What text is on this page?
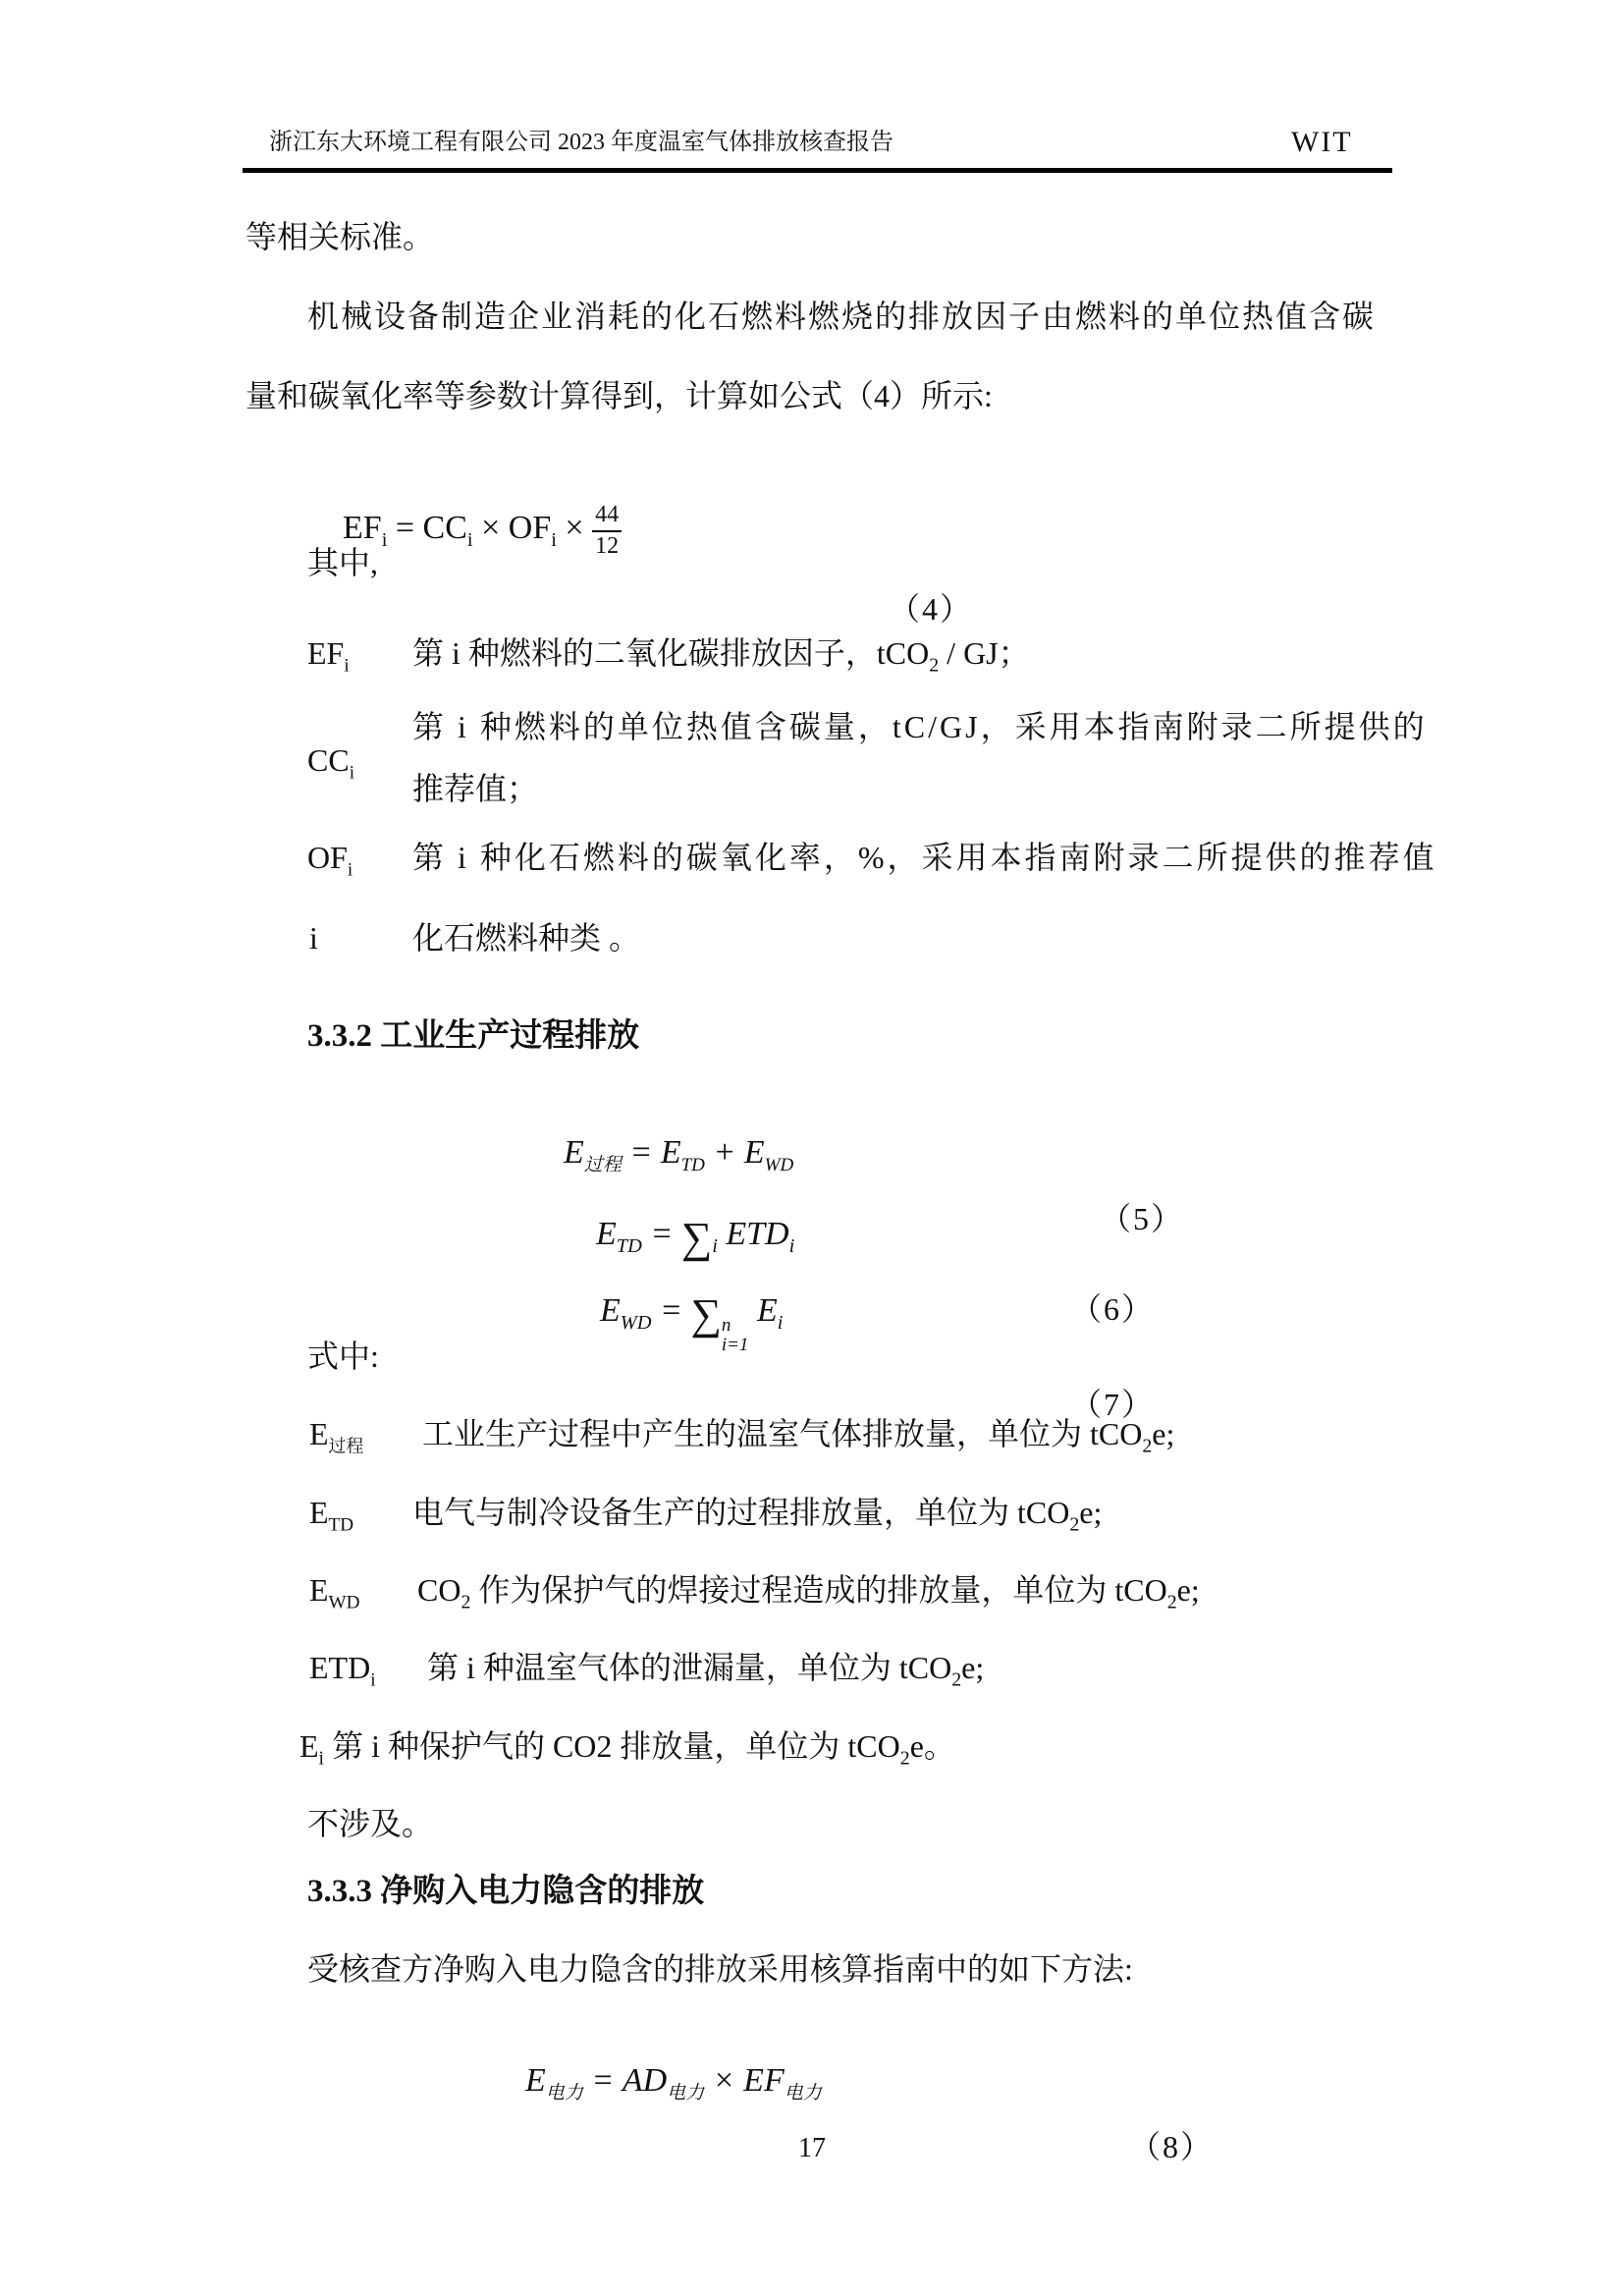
浙江东大环境工程有限公司 2023 年度温室气体排放核查报告	WIT
等相关标准。
机械设备制造企业消耗的化石燃料燃烧的排放因子由燃料的单位热值含碳
量和碳氧化率等参数计算得到，计算如公式（4）所示:

$EF_i = CC_i \times OF_i \times \frac{44}{12}$

（4）

其中,
$EF_i$ 第 i 种燃料的二氧化碳排放因子，tCO$_2$ / GJ；
$CC_i$
第 i 种燃料的单位热值含碳量，tC/GJ，采用本指南附录二所提供的
推荐值；
$OF_i$ 第 i 种化石燃料的碳氧化率，%，采用本指南附录二所提供的推荐值
i	化石燃料种类 。
3.3.2 工业生产过程排放

$E_{过程} = E_{TD} + E_{WD}$

（5）

$E_{TD} = \sum_i$ $ETD_i$

（6）

$E_{WD}$ = ∑ n
i=1
$E_i$

（7）

式中:
$E_{过程}$ 工业生产过程中产生的温室气体排放量，单位为 tCO$_2$e;
$E_{TD}$ 电气与制冷设备生产的过程排放量，单位为 tCO$_2$e;
$E_{WD}$ $CO_2$ 作为保护气的焊接过程造成的排放量，单位为 tCO$_2$e;
$ETD_i$ 第 i 种温室气体的泄漏量，单位为 tCO$_2$e;
$E_i$ 第 i 种保护气的 CO2 排放量，单位为 tCO$_2$e。
不涉及。
3.3.3 净购入电力隐含的排放
受核查方净购入电力隐含的排放采用核算指南中的如下方法:

$E_{电力} = AD_{电力} \times EF_{电力}$

（8）

17
